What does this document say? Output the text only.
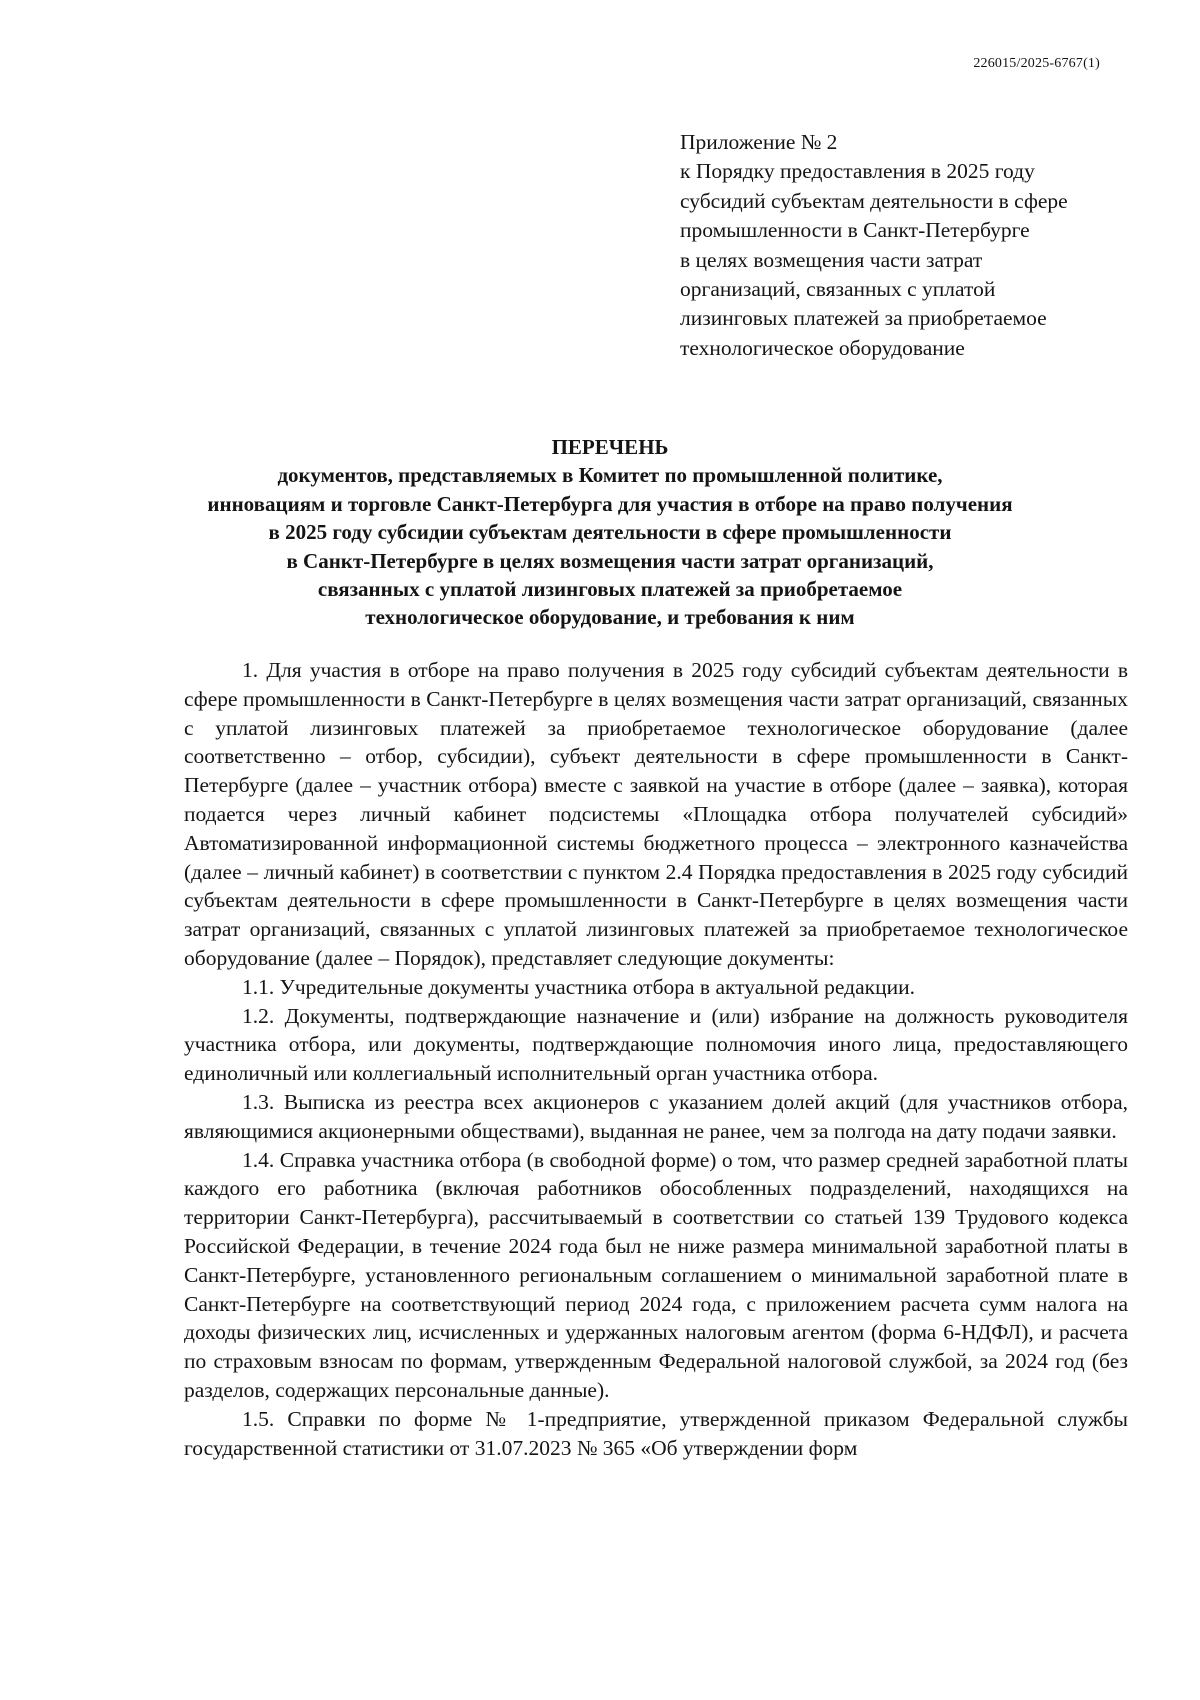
226015/2025-6767(1)
Приложение № 2
к Порядку предоставления в 2025 году
субсидий субъектам деятельности в сфере
промышленности в Санкт-Петербурге
в целях возмещения части затрат
организаций, связанных с уплатой
лизинговых платежей за приобретаемое
технологическое оборудование
ПЕРЕЧЕНЬ
документов, представляемых в Комитет по промышленной политике,
инновациям и торговле Санкт-Петербурга для участия в отборе на право получения
в 2025 году субсидии субъектам деятельности в сфере промышленности
в Санкт-Петербурге в целях возмещения части затрат организаций,
связанных с уплатой лизинговых платежей за приобретаемое
технологическое оборудование, и требования к ним

1. Для участия в отборе на право получения в 2025 году субсидий субъектам деятельности в сфере промышленности в Санкт-Петербурге в целях возмещения части затрат организаций, связанных с уплатой лизинговых платежей за приобретаемое технологическое оборудование (далее соответственно – отбор, субсидии), субъект деятельности в сфере промышленности в Санкт-Петербурге (далее – участник отбора) вместе с заявкой на участие в отборе (далее – заявка), которая подается через личный кабинет подсистемы «Площадка отбора получателей субсидий» Автоматизированной информационной системы бюджетного процесса – электронного казначейства (далее – личный кабинет) в соответствии с пунктом 2.4 Порядка предоставления в 2025 году субсидий субъектам деятельности в сфере промышленности в Санкт-Петербурге в целях возмещения части затрат организаций, связанных с уплатой лизинговых платежей за приобретаемое технологическое оборудование (далее – Порядок), представляет следующие документы:

1.1. Учредительные документы участника отбора в актуальной редакции.

1.2. Документы, подтверждающие назначение и (или) избрание на должность руководителя участника отбора, или документы, подтверждающие полномочия иного лица, предоставляющего единоличный или коллегиальный исполнительный орган участника отбора.

1.3. Выписка из реестра всех акционеров с указанием долей акций (для участников отбора, являющимися акционерными обществами), выданная не ранее, чем за полгода на дату подачи заявки.

1.4. Справка участника отбора (в свободной форме) о том, что размер средней заработной платы каждого его работника (включая работников обособленных подразделений, находящихся на территории Санкт-Петербурга), рассчитываемый в соответствии со статьей 139 Трудового кодекса Российской Федерации, в течение 2024 года был не ниже размера минимальной заработной платы в Санкт-Петербурге, установленного региональным соглашением о минимальной заработной плате в Санкт-Петербурге на соответствующий период 2024 года, с приложением расчета сумм налога на доходы физических лиц, исчисленных и удержанных налоговым агентом (форма 6-НДФЛ), и расчета по страховым взносам по формам, утвержденным Федеральной налоговой службой, за 2024 год (без разделов, содержащих персональные данные).

1.5. Справки по форме № 1-предприятие, утвержденной приказом Федеральной службы государственной статистики от 31.07.2023 № 365 «Об утверждении форм
